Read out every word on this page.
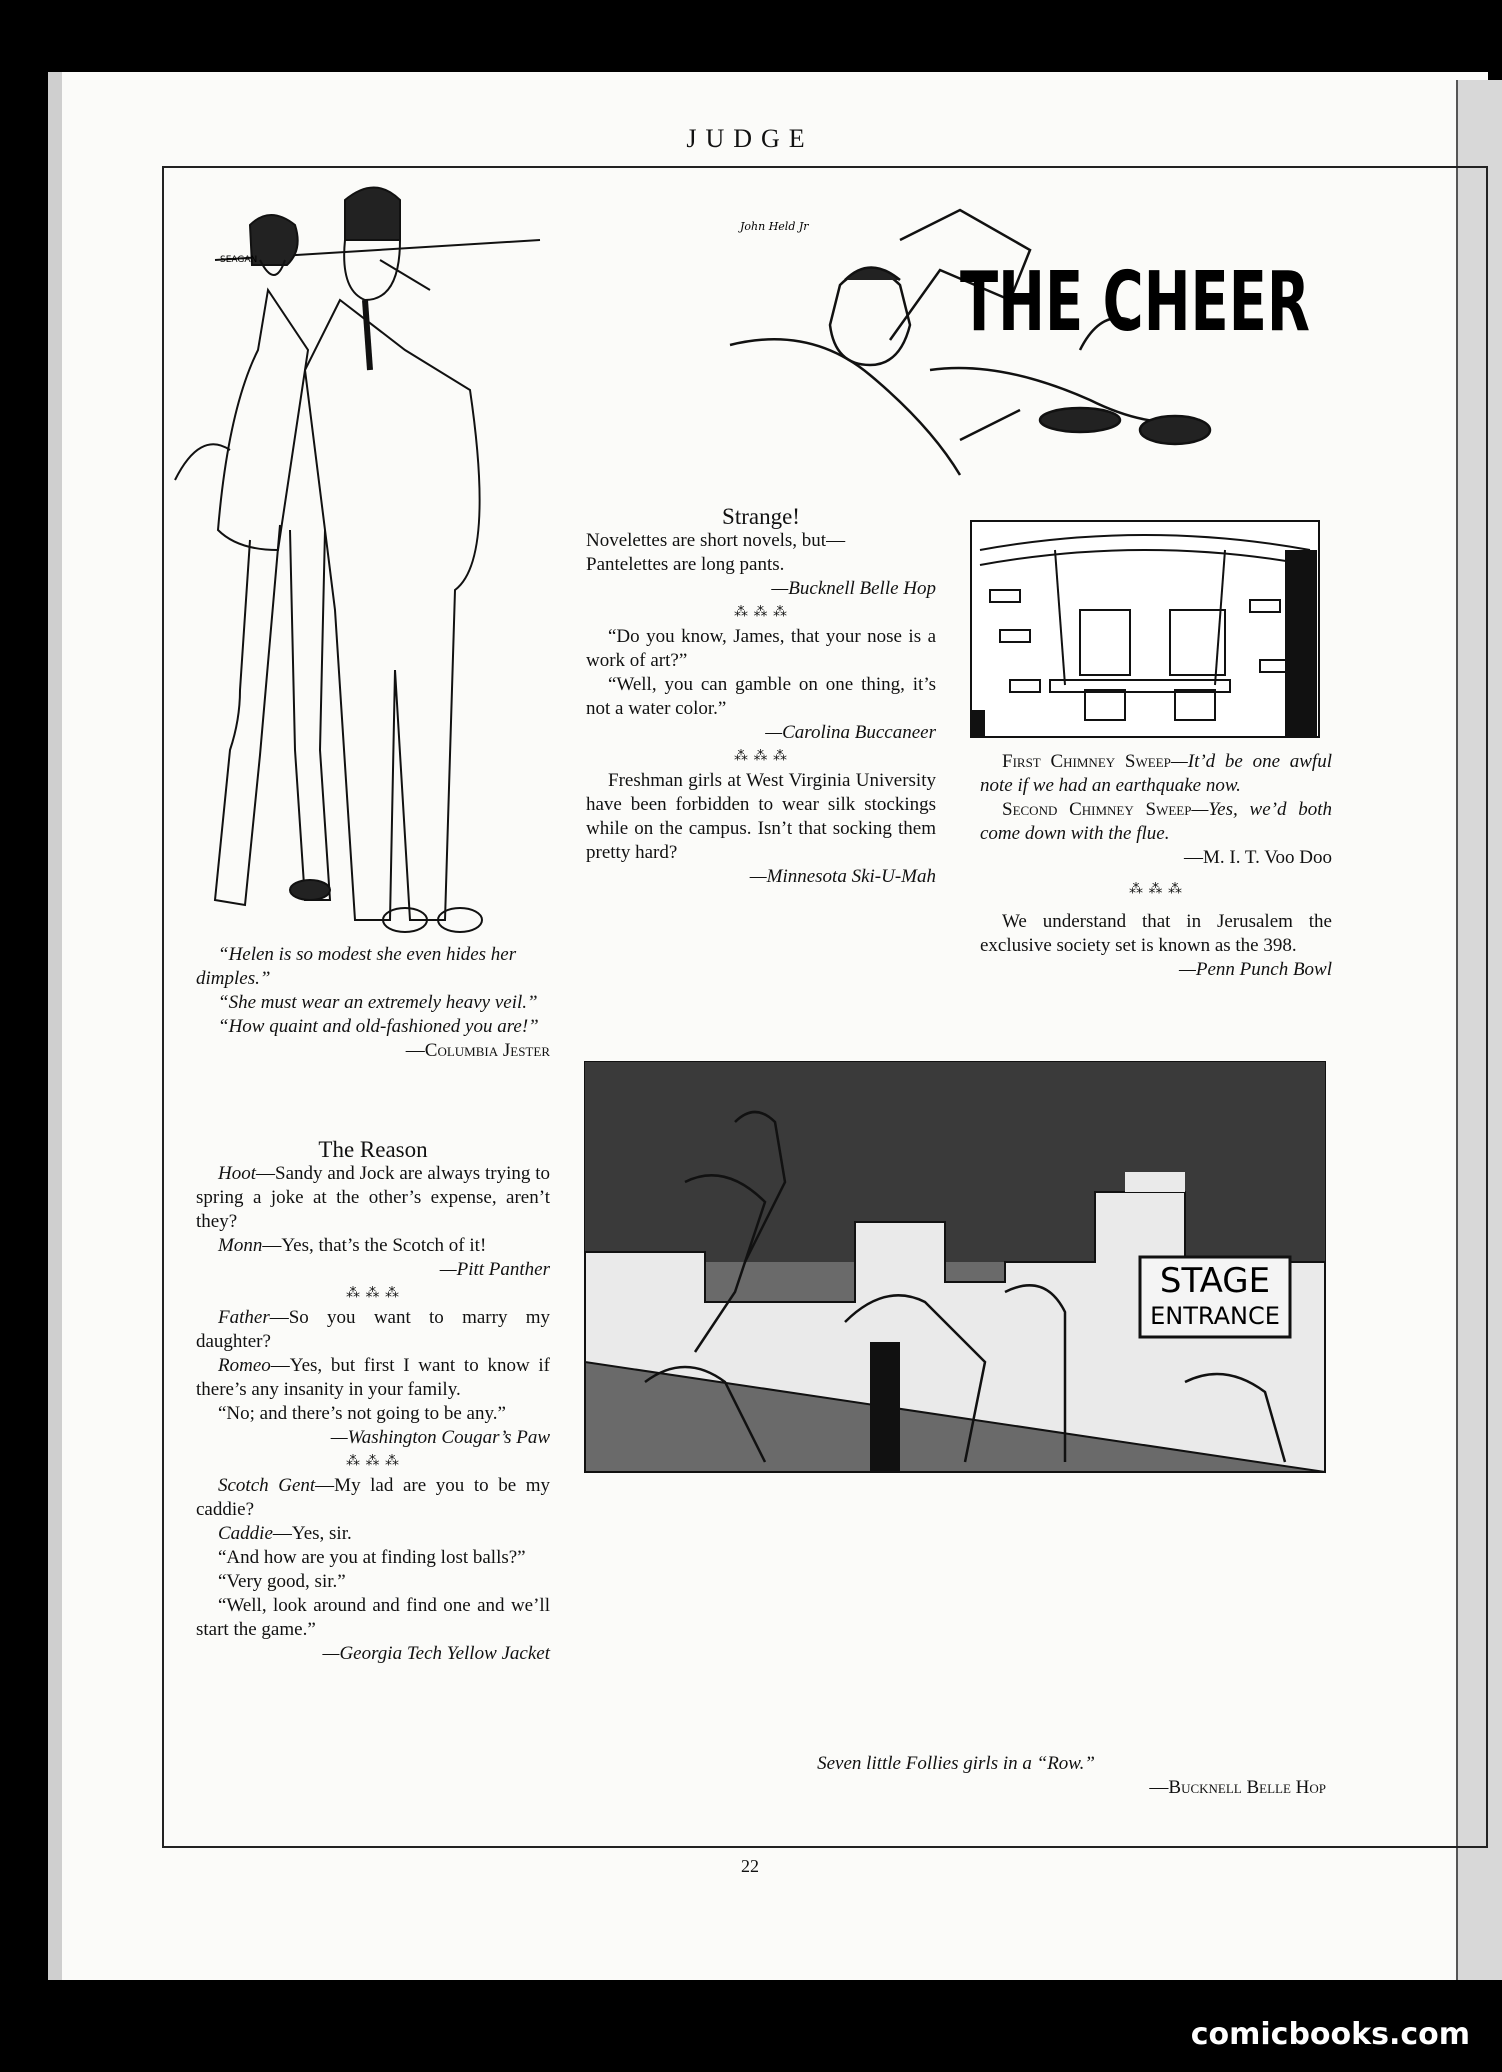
JUDGE
SEAGAN
John Held Jr
THE CHEER
STAGE
ENTRANCE

“Helen is so modest she even hides her dimples.”

“She must wear an extremely heavy veil.”

“How quaint and old-fashioned you are!”

—Columbia Jester

The Reason

Hoot—Sandy and Jock are always trying to spring a joke at the other’s expense, aren’t they?

Monn—Yes, that’s the Scotch of it!

—Pitt Panther

⁂ ⁂ ⁂

Father—So you want to marry my daughter?

Romeo—Yes, but first I want to know if there’s any insanity in your family.

“No; and there’s not going to be any.”

—Washington Cougar’s Paw

⁂ ⁂ ⁂

Scotch Gent—My lad are you to be my caddie?

Caddie—Yes, sir.

“And how are you at finding lost balls?”

“Very good, sir.”

“Well, look around and find one and we’ll start the game.”

—Georgia Tech Yellow Jacket

Strange!

Novelettes are short novels, but—

Pantelettes are long pants.

—Bucknell Belle Hop

⁂ ⁂ ⁂

“Do you know, James, that your nose is a work of art?”

“Well, you can gamble on one thing, it’s not a water color.”

—Carolina Buccaneer

⁂ ⁂ ⁂

Freshman girls at West Virginia University have been forbidden to wear silk stockings while on the campus. Isn’t that socking them pretty hard?

—Minnesota Ski-U-Mah

First Chimney Sweep—It’d be one awful note if we had an earthquake now.

Second Chimney Sweep—Yes, we’d both come down with the flue.

—M. I. T. Voo Doo

⁂ ⁂ ⁂

We understand that in Jerusalem the exclusive society set is known as the 398.

—Penn Punch Bowl

Seven little Follies girls in a “Row.”

—Bucknell Belle Hop

22
comicbooks.com
